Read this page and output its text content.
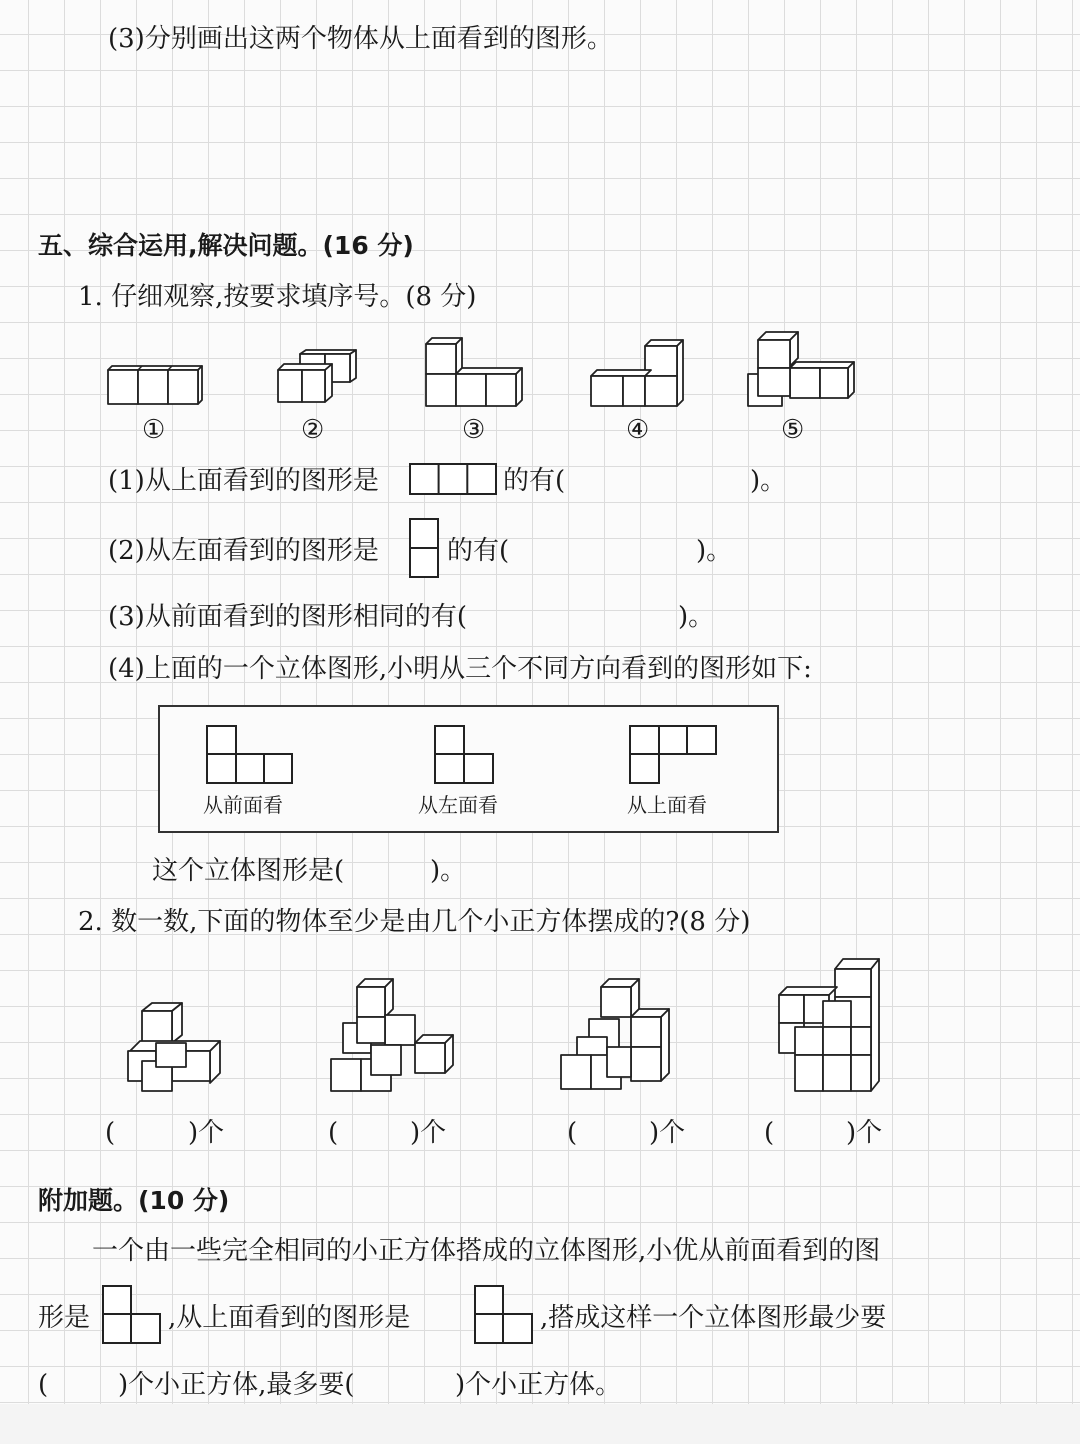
(3)分别画出这两个物体从上面看到的图形。
五、综合运用,解决问题。(16 分)
1. 仔细观察,按要求填序号。(8 分)
①	②	③	④	⑤
(1)从上面看到的图形是	的有(	)。
(2)从左面看到的图形是	的有(	)。
(3)从前面看到的图形相同的有(	)。
(4)上面的一个立体图形,小明从三个不同方向看到的图形如下:
从前面看	从左面看	从上面看
这个立体图形是(	)。
2. 数一数,下面的物体至少是由几个小正方体摆成的?(8 分)
(	)个	(	)个	(	)个	(	)个
附加题。(10 分)
一个由一些完全相同的小正方体搭成的立体图形,小优从前面看到的图
形是	,从上面看到的图形是	,搭成这样一个立体图形最少要
(	)个小正方体,最多要(	)个小正方体。
